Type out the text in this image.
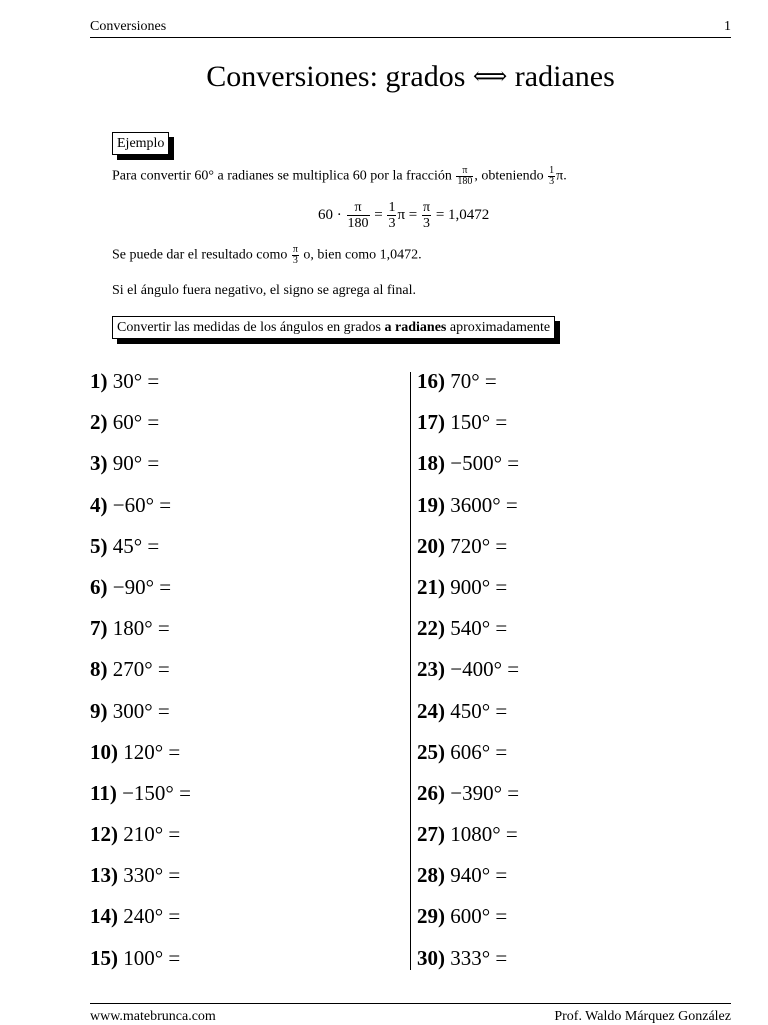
Conversiones	1
Conversiones: grados ⟺ radianes
Ejemplo
Para convertir 60° a radianes se multiplica 60 por la fracción $\frac{\pi}{180}$ , obteniendo $\frac{1}{3} \pi$.
$60 \cdot \frac{\pi}{180} = \frac{1}{3}$ $\pi = \frac{\pi}{3} = 1,0472$
Se puede dar el resultado como $\frac{\pi}{3} o$, bien como 1,0472.
Si el ángulo fuera negativo, el signo se agrega al final.
Convertir las medidas de los ángulos en grados a radianes aproximadamente
1) 30° =
2) 60° =
3) 90° =
4) −60° =
5) 45° =
6) −90° =
7) 180° =
8) 270° =
9) 300° =
10) 120° =
11) −150° =
12) 210° =
13) 330° =
14) 240° =
15) 100° =
16) 70° =
17) 150° =
18) −500° =
19) 3600° =
20) 720° =
21) 900° =
22) 540° =
23) −400° =
24) 450° =
25) 606° =
26) −390° =
27) 1080° =
28) 940° =
29) 600° =
30) 333° =
www.matebrunca.com	Prof. Waldo Márquez González
